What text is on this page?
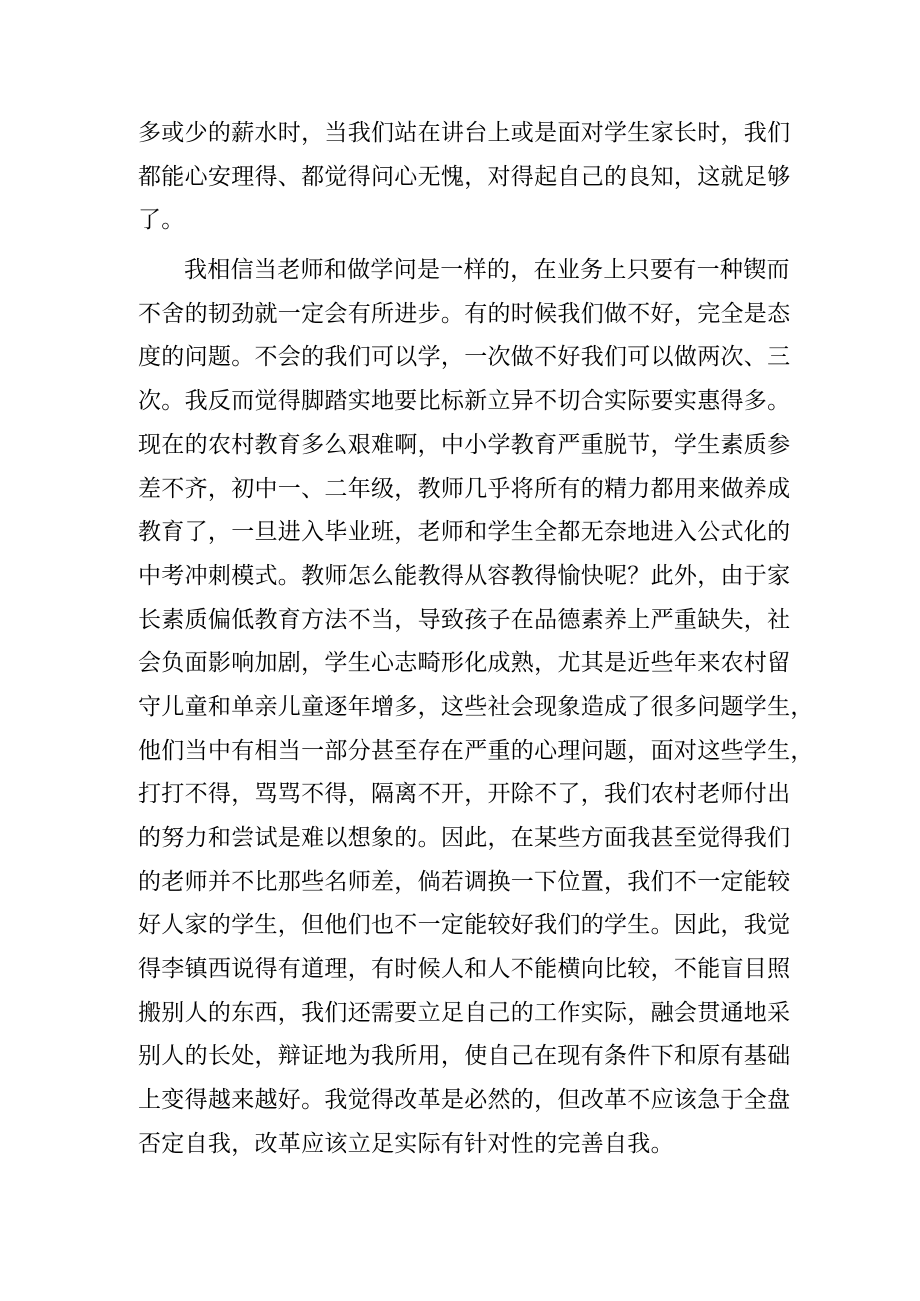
多或少的薪水时，当我们站在讲台上或是面对学生家长时，我们
都能心安理得、都觉得问心无愧，对得起自己的良知，这就足够
了。
我相信当老师和做学问是一样的，在业务上只要有一种锲而
不舍的韧劲就一定会有所进步。有的时候我们做不好，完全是态
度的问题。不会的我们可以学，一次做不好我们可以做两次、三
次。我反而觉得脚踏实地要比标新立异不切合实际要实惠得多。
现在的农村教育多么艰难啊，中小学教育严重脱节，学生素质参
差不齐，初中一、二年级，教师几乎将所有的精力都用来做养成
教育了，一旦进入毕业班，老师和学生全都无奈地进入公式化的
中考冲刺模式。教师怎么能教得从容教得愉快呢？此外，由于家
长素质偏低教育方法不当，导致孩子在品德素养上严重缺失，社
会负面影响加剧，学生心志畸形化成熟，尤其是近些年来农村留
守儿童和单亲儿童逐年增多，这些社会现象造成了很多问题学生，
他们当中有相当一部分甚至存在严重的心理问题，面对这些学生，
打打不得，骂骂不得，隔离不开，开除不了，我们农村老师付出
的努力和尝试是难以想象的。因此，在某些方面我甚至觉得我们
的老师并不比那些名师差，倘若调换一下位置，我们不一定能较
好人家的学生，但他们也不一定能较好我们的学生。因此，我觉
得李镇西说得有道理，有时候人和人不能横向比较，不能盲目照
搬别人的东西，我们还需要立足自己的工作实际，融会贯通地采
别人的长处，辩证地为我所用，使自己在现有条件下和原有基础
上变得越来越好。我觉得改革是必然的，但改革不应该急于全盘
否定自我，改革应该立足实际有针对性的完善自我。
